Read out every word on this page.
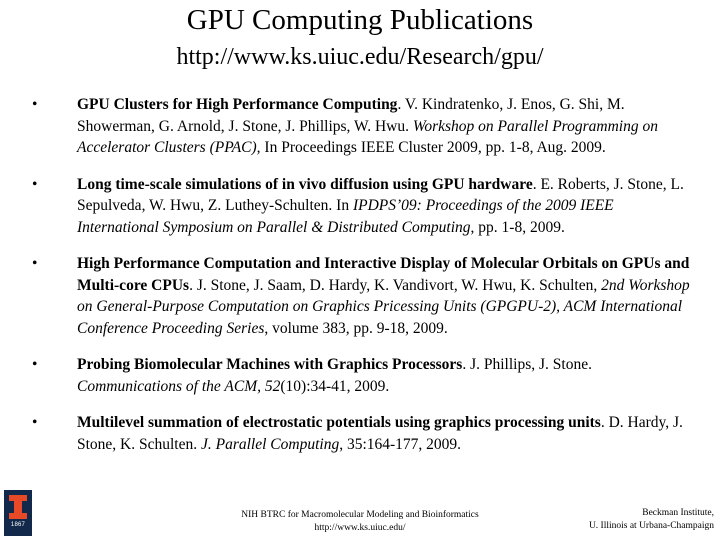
GPU Computing Publications
http://www.ks.uiuc.edu/Research/gpu/
•	GPU Clusters for High Performance Computing. V. Kindratenko, J. Enos, G. Shi, M. Showerman, G. Arnold, J. Stone, J. Phillips, W. Hwu. Workshop on Parallel Programming on Accelerator Clusters (PPAC), In Proceedings IEEE Cluster 2009, pp. 1-8, Aug. 2009.
•	Long time-scale simulations of in vivo diffusion using GPU hardware. E. Roberts, J. Stone, L. Sepulveda, W. Hwu, Z. Luthey-Schulten. In IPDPS’09: Proceedings of the 2009 IEEE International Symposium on Parallel & Distributed Computing, pp. 1-8, 2009.
•	High Performance Computation and Interactive Display of Molecular Orbitals on GPUs and Multi-core CPUs. J. Stone, J. Saam, D. Hardy, K. Vandivort, W. Hwu, K. Schulten, 2nd Workshop on General-Purpose Computation on Graphics Pricessing Units (GPGPU-2), ACM International Conference Proceeding Series, volume 383, pp. 9-18, 2009.
•	Probing Biomolecular Machines with Graphics Processors. J. Phillips, J. Stone. Communications of the ACM, 52(10):34-41, 2009.
•	Multilevel summation of electrostatic potentials using graphics processing units. D. Hardy, J. Stone, K. Schulten. J. Parallel Computing, 35:164-177, 2009.
1867
NIH BTRC for Macromolecular Modeling and Bioinformatics
http://www.ks.uiuc.edu/
Beckman Institute,
U. Illinois at Urbana-Champaign
